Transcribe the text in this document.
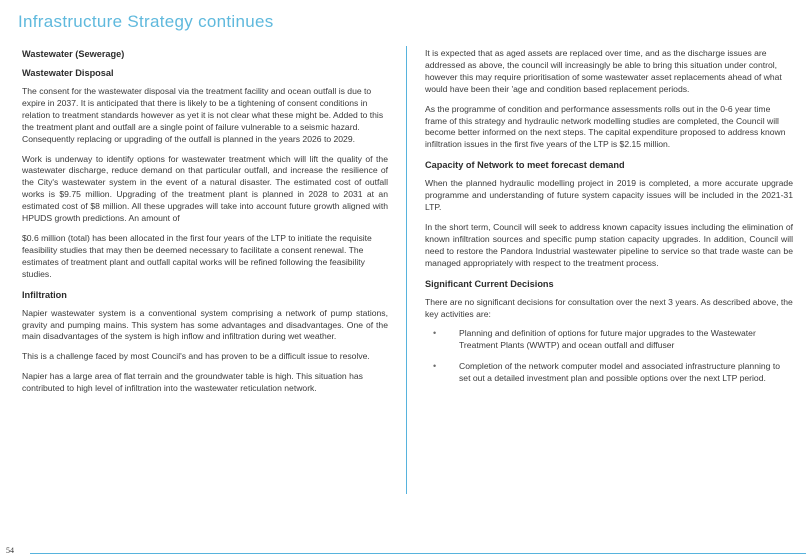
Infrastructure Strategy continues
Wastewater (Sewerage)
Wastewater Disposal

The consent for the wastewater disposal via the treatment facility and ocean outfall is due to expire in 2037. It is anticipated that there is likely to be a tightening of consent conditions in relation to treatment standards however as yet it is not clear what these might be. Added to this the treatment plant and outfall are a single point of failure vulnerable to a seismic hazard. Consequently replacing or upgrading of the outfall is planned in the years 2026 to 2029.

Work is underway to identify options for wastewater treatment which will lift the quality of the wastewater discharge, reduce demand on that particular outfall, and increase the resilience of the City's wastewater system in the event of a natural disaster. The estimated cost of outfall works is $9.75 million. Upgrading of the treatment plant is planned in 2028 to 2031 at an estimated cost of $8 million. All these upgrades will take into account future growth aligned with HPUDS growth predictions. An amount of

$0.6 million (total) has been allocated in the first four years of the LTP to initiate the requisite feasibility studies that may then be deemed necessary to facilitate a consent renewal. The estimates of treatment plant and outfall capital works will be refined following the feasibility studies.

Infiltration

Napier wastewater system is a conventional system comprising a network of pump stations, gravity and pumping mains. This system has some advantages and disadvantages. One of the main disadvantages of the system is high inflow and infiltration during wet weather.

This is a challenge faced by most Council's and has proven to be a difficult issue to resolve.

Napier has a large area of flat terrain and the groundwater table is high. This situation has contributed to high level of infiltration into the wastewater reticulation network.

It is expected that as aged assets are replaced over time, and as the discharge issues are addressed as above, the council will increasingly be able to bring this situation under control, however this may require prioritisation of some wastewater asset replacements ahead of what would have been their 'age and condition based replacement periods.

As the programme of condition and performance assessments rolls out in the 0-6 year time frame of this strategy and hydraulic network modelling studies are completed, the Council will become better informed on the next steps. The capital expenditure proposed to address known infiltration issues in the first five years of the LTP is $2.15 million.

Capacity of Network to meet forecast demand

When the planned hydraulic modelling project in 2019 is completed, a more accurate upgrade programme and understanding of future system capacity issues will be included in the 2021-31 LTP.

In the short term, Council will seek to address known capacity issues including the elimination of known infiltration sources and specific pump station capacity upgrades. In addition, Council will need to restore the Pandora Industrial wastewater pipeline to service so that trade waste can be managed appropriately with respect to the treatment process.

Significant Current Decisions

There are no significant decisions for consultation over the next 3 years. As described above, the key activities are:

•	Planning and definition of options for future major upgrades to the Wastewater Treatment Plants (WWTP) and ocean outfall and diffuser
•	Completion of the network computer model and associated infrastructure planning to set out a detailed investment plan and possible options over the next LTP period.
54
